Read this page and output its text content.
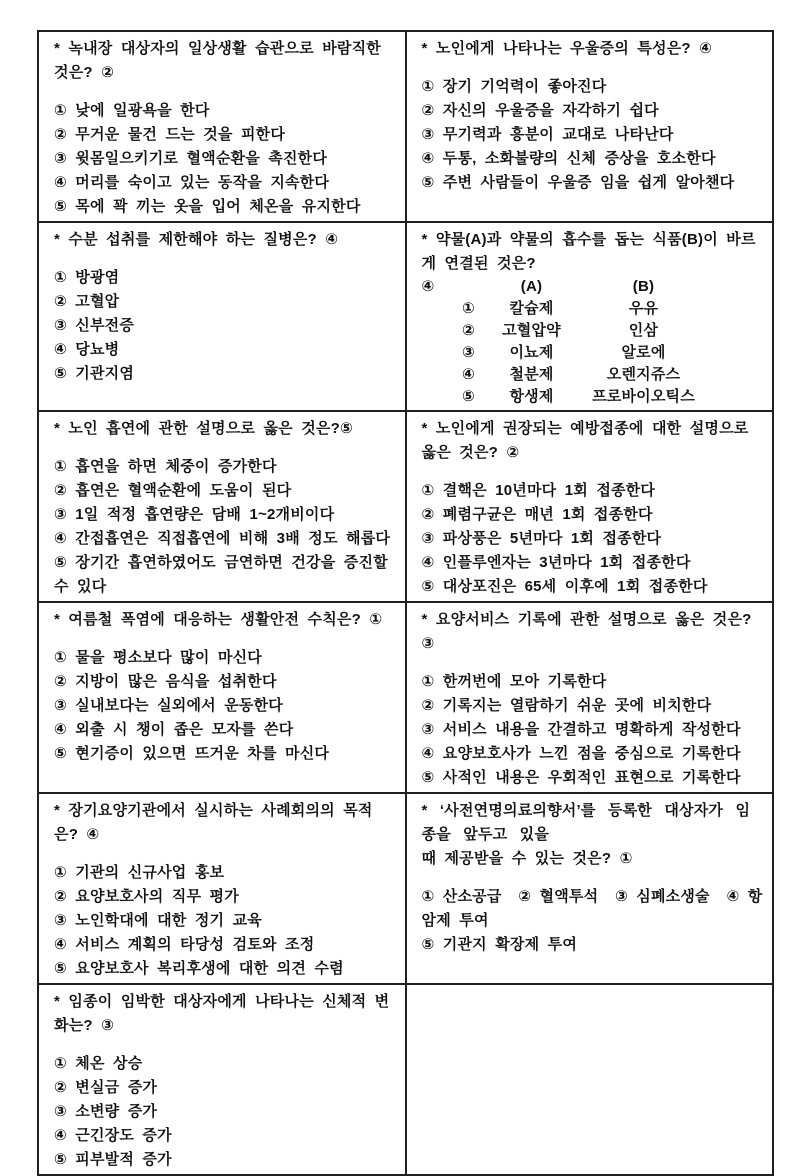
* 녹내장 대상자의 일상생활 습관으로 바람직한 것은? ②
① 낮에 일광욕을 한다
② 무거운 물건 드는 것을 피한다
③ 윗몸일으키기로 혈액순환을 촉진한다
④ 머리를 숙이고 있는 동작을 지속한다
⑤ 목에 꽉 끼는 옷을 입어 체온을 유지한다

* 노인에게 나타나는 우울증의 특성은? ④
① 장기 기억력이 좋아진다
② 자신의 우울증을 자각하기 쉽다
③ 무기력과 흥분이 교대로 나타난다
④ 두통, 소화불량의 신체 증상을 호소한다
⑤ 주변 사람들이 우울증 임을 쉽게 알아챈다

* 수분 섭취를 제한해야 하는 질병은? ④
① 방광염
② 고혈압
③ 신부전증
④ 당뇨병
⑤ 기관지염

* 약물(A)과 약물의 흡수를 돕는 식품(B)이 바르게 연결된 것은?
④	(A)	(B)
①	칼슘제	우유
②	고혈압약	인삼
③	이뇨제	알로에
④	철분제	오렌지쥬스
⑤	항생제	프로바이오틱스

* 노인 흡연에 관한 설명으로 옳은 것은?⑤
① 흡연을 하면 체중이 증가한다
② 흡연은 혈액순환에 도움이 된다
③ 1일 적정 흡연량은 담배 1~2개비이다
④ 간접흡연은 직접흡연에 비해 3배 정도 해롭다
⑤ 장기간 흡연하였어도 금연하면 건강을 증진할 수 있다

* 노인에게 권장되는 예방접종에 대한 설명으로 옳은 것은? ②
① 결핵은 10년마다 1회 접종한다
② 폐렴구균은 매년 1회 접종한다
③ 파상풍은 5년마다 1회 접종한다
④ 인플루엔자는 3년마다 1회 접종한다
⑤ 대상포진은 65세 이후에 1회 접종한다

* 여름철 폭염에 대응하는 생활안전 수칙은? ①
① 물을 평소보다 많이 마신다
② 지방이 많은 음식을 섭취한다
③ 실내보다는 실외에서 운동한다
④ 외출 시 챙이 좁은 모자를 쓴다
⑤ 현기증이 있으면 뜨거운 차를 마신다

* 요양서비스 기록에 관한 설명으로 옳은 것은? ③
① 한꺼번에 모아 기록한다
② 기록지는 열람하기 쉬운 곳에 비치한다
③ 서비스 내용을 간결하고 명확하게 작성한다
④ 요양보호사가 느낀 점을 중심으로 기록한다
⑤ 사적인 내용은 우회적인 표현으로 기록한다

* 장기요양기관에서 실시하는 사례회의의 목적은? ④
① 기관의 신규사업 홍보
② 요양보호사의 직무 평가
③ 노인학대에 대한 정기 교육
④ 서비스 계획의 타당성 검토와 조정
⑤ 요양보호사 복리후생에 대한 의견 수렴

* ‘사전연명의료의향서’를 등록한 대상자가 임종을 앞두고 있을
때 제공받을 수 있는 것은? ①
① 산소공급  ② 혈액투석  ③ 심폐소생술  ④ 항암제 투여
⑤ 기관지 확장제 투여

* 임종이 임박한 대상자에게 나타나는 신체적 변화는? ③
① 체온 상승
② 변실금 증가
③ 소변량 증가
④ 근긴장도 증가
⑤ 피부발적 증가
